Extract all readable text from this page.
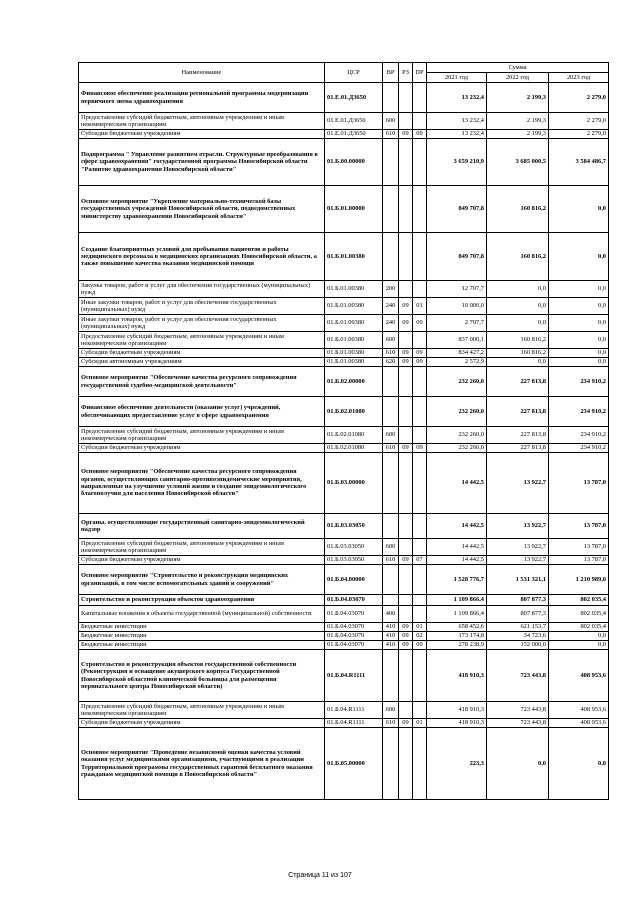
Наименование	ЦСР	ВР	РЗ	ПР	Сумма		
					2021 год	2022 год	2023 год
Финансовое обеспечение реализации региональной программы модернизации первичного звена здравоохранения	01.Е.01.Д3650				13 232,4	2 199,3	2 279,0
Предоставление субсидий бюджетным, автономным учреждениям и иным некоммерческим организациям	01.Е.01.Д3650	600			13 232,4	2 199,3	2 279,0
Субсидии бюджетным учреждениям	01.Е.01.Д3650	610	09	09	13 232,4	2 199,3	2 279,0
Подпрограмма " Управление развитием отрасли. Структурные преобразования в сфере здравоохранения" государственной программы Новосибирской области "Развитие здравоохранения Новосибирской области"	01.Б.00.00000				3 659 210,9	3 685 000,5	3 584 486,7
Основное мероприятие "Укрепление материально-технической базы государственных учреждений Новосибирской области, подведомственных министерству здравоохранения Новосибирской области"	01.Б.01.00000				849 707,8	160 816,2	0,0
Создание благоприятных условий для пребывания пациентов и работы медицинского персонала в медицинских организациях Новосибирской области, а также повышение качества оказания медицинской помощи	01.Б.01.00380				849 707,8	160 816,2	0,0
Закупка товаров, работ и услуг для обеспечения государственных (муниципальных) нужд	01.Б.01.00380	200			12 707,7	0,0	0,0
Иные закупки товаров, работ и услуг для обеспечения государственных (муниципальных) нужд	01.Б.01.00380	240	09	01	10 000,0	0,0	0,0
Иные закупки товаров, работ и услуг для обеспечения государственных (муниципальных) нужд	01.Б.01.00380	240	09	09	2 707,7	0,0	0,0
Предоставление субсидий бюджетным, автономным учреждениям и иным некоммерческим организациям	01.Б.01.00380	600			837 000,1	160 816,2	0,0
Субсидии бюджетным учреждениям	01.Б.01.00380	610	09	09	834 427,2	160 816,2	0,0
Субсидии автономным учреждениям	01.Б.01.00380	620	09	09	2 572,9	0,0	0,0
Основное мероприятие "Обеспечение качества ресурсного сопровождения государственной судебно-медицинской деятельности"	01.Б.02.00000				232 260,0	227 813,8	234 910,2
Финансовое обеспечение деятельности (оказание услуг) учреждений, обеспечивающих предоставление услуг в сфере здравоохранения	01.Б.02.01080				232 260,0	227 813,8	234 910,2
Предоставление субсидий бюджетным, автономным учреждениям и иным некоммерческим организациям	01.Б.02.01080	600			232 260,0	227 813,8	234 910,2
Субсидии бюджетным учреждениям	01.Б.02.01080	610	09	09	232 260,0	227 813,8	234 910,2
Основное мероприятие "Обеспечение качества ресурсного сопровождения органов, осуществляющих санитарно-противоэпидемические мероприятия, направленные на улучшение условий жизни и создание эпидемиологического благополучия для населения Новосибирской области"	01.Б.03.00000				14 442,5	13 922,7	13 787,0
Органы, осуществляющие государственный санитарно-эпидемиологический надзор	01.Б.03.03050				14 442,5	13 922,7	13 787,0
Предоставление субсидий бюджетным, автономным учреждениям и иным некоммерческим организациям	01.Б.03.03050	600			14 442,5	13 922,7	13 787,0
Субсидии бюджетным учреждениям	01.Б.03.03050	610	09	07	14 442,5	13 922,7	13 787,0
Основное мероприятие "Строительство и реконструкция медицинских организаций, в том числе вспомогательных зданий и сооружений"	01.Б.04.00000				1 528 776,7	1 531 321,1	1 210 989,0
Строительство и реконструкция объектов здравоохранения	01.Б.04.03070				1 109 866,4	807 877,3	802 035,4
Капитальные вложения в объекты государственной (муниципальной) собственности	01.Б.04.03070	400			1 109 866,4	807 877,3	802 035,4
Бюджетные инвестиции	01.Б.04.03070	410	09	01	658 452,6	621 153,7	802 035,4
Бюджетные инвестиции	01.Б.04.03070	410	09	02	173 174,8	34 723,6	0,0
Бюджетные инвестиции	01.Б.04.03070	410	09	09	278 238,9	152 000,0	0,0
Строительство и реконструкция объектов государственной собственности (Реконструкция и оснащение акушерского корпуса Государственной Новосибирской областной клинической больницы для размещения перинатального центра Новосибирской области)	01.Б.04.R1111				418 910,3	723 443,8	408 953,6
Предоставление субсидий бюджетным, автономным учреждениям и иным некоммерческим организациям	01.Б.04.R1111	600			418 910,3	723 443,8	408 953,6
Субсидии бюджетным учреждениям	01.Б.04.R1111	610	09	01	418 910,3	723 443,8	408 953,6
Основное мероприятие "Проведение независимой оценки качества условий оказания услуг медицинскими организациями, участвующими в реализации Территориальной программы государственных гарантий бесплатного оказания гражданам медицинской помощи в Новосибирской области"	01.Б.05.00000				223,3	0,0	0,0
Страница 11 из 107
